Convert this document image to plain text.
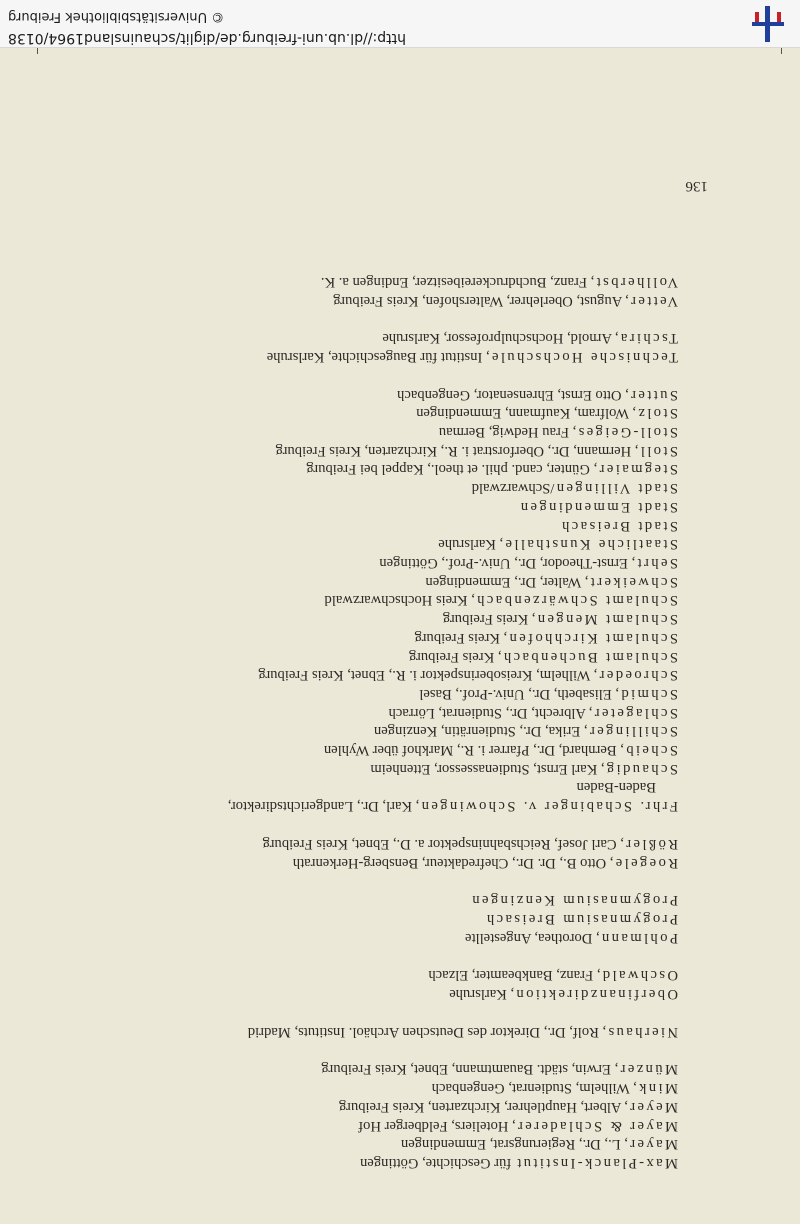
Max-Planck-Institut für Geschichte, Göttingen
Mayer, L., Dr., Regierungsrat, Emmendingen
Mayer & Schladerer, Hoteliers, Feldberger Hof
Meyer, Albert, Hauptlehrer, Kirchzarten, Kreis Freiburg
Mink, Wilhelm, Studienrat, Gengenbach
Münzer, Erwin, städt. Bauamtmann, Ebnet, Kreis Freiburg
Nierhaus, Rolf, Dr., Direktor des Deutschen Archäol. Instituts, Madrid
Oberfinanzdirektion, Karlsruhe
Oschwald, Franz, Bankbeamter, Elzach
Pohlmann, Dorothea, Angestellte
Progymnasium Breisach
Progymnasium Kenzingen
Roegele, Otto B., Dr. Dr., Chefredakteur, Bensberg-Herkenrath
Rößler, Carl Josef, Reichsbahninspektor a. D., Ebnet, Kreis Freiburg
Frhr. Schabinger v. Schowingen, Karl, Dr., Landgerichtsdirektor,
Baden-Baden
Schaudig, Karl Ernst, Studienassessor, Ettenheim
Scheib, Bernhard, Dr., Pfarrer i. R., Markhof über Wyhlen
Schillinger, Erika, Dr., Studienrätin, Kenzingen
Schlageter, Albrecht, Dr., Studienrat, Lörrach
Schmid, Elisabeth, Dr., Univ.-Prof., Basel
Schroeder, Wilhelm, Kreisoberinspektor i. R., Ebnet, Kreis Freiburg
Schulamt Buchenbach, Kreis Freiburg
Schulamt Kirchhofen, Kreis Freiburg
Schulamt Mengen, Kreis Freiburg
Schulamt Schwärzenbach, Kreis Hochschwarzwald
Schweikert, Walter, Dr., Emmendingen
Sehrt, Ernst-Theodor, Dr., Univ.-Prof., Göttingen
Staatliche Kunsthalle, Karlsruhe
Stadt Breisach
Stadt Emmendingen
Stadt Villingen/Schwarzwald
Stegmaier, Günter, cand. phil. et theol., Kappel bei Freiburg
Stoll, Hermann, Dr., Oberforstrat i. R., Kirchzarten, Kreis Freiburg
Stoll-Geiges, Frau Hedwig, Bermau
Stolz, Wolfram, Kaufmann, Emmendingen
Sutter, Otto Ernst, Ehrensenator, Gengenbach
Technische Hochschule, Institut für Baugeschichte, Karlsruhe
Tschira, Arnold, Hochschulprofessor, Karlsruhe
Vetter, August, Oberlehrer, Waltershofen, Kreis Freiburg
Vollherbst, Franz, Buchdruckereibesitzer, Endingen a. K.
136
© Universitätsbibliothek Freiburg
http://dl.ub.uni-freiburg.de/diglit/schauinsland1964/0138
